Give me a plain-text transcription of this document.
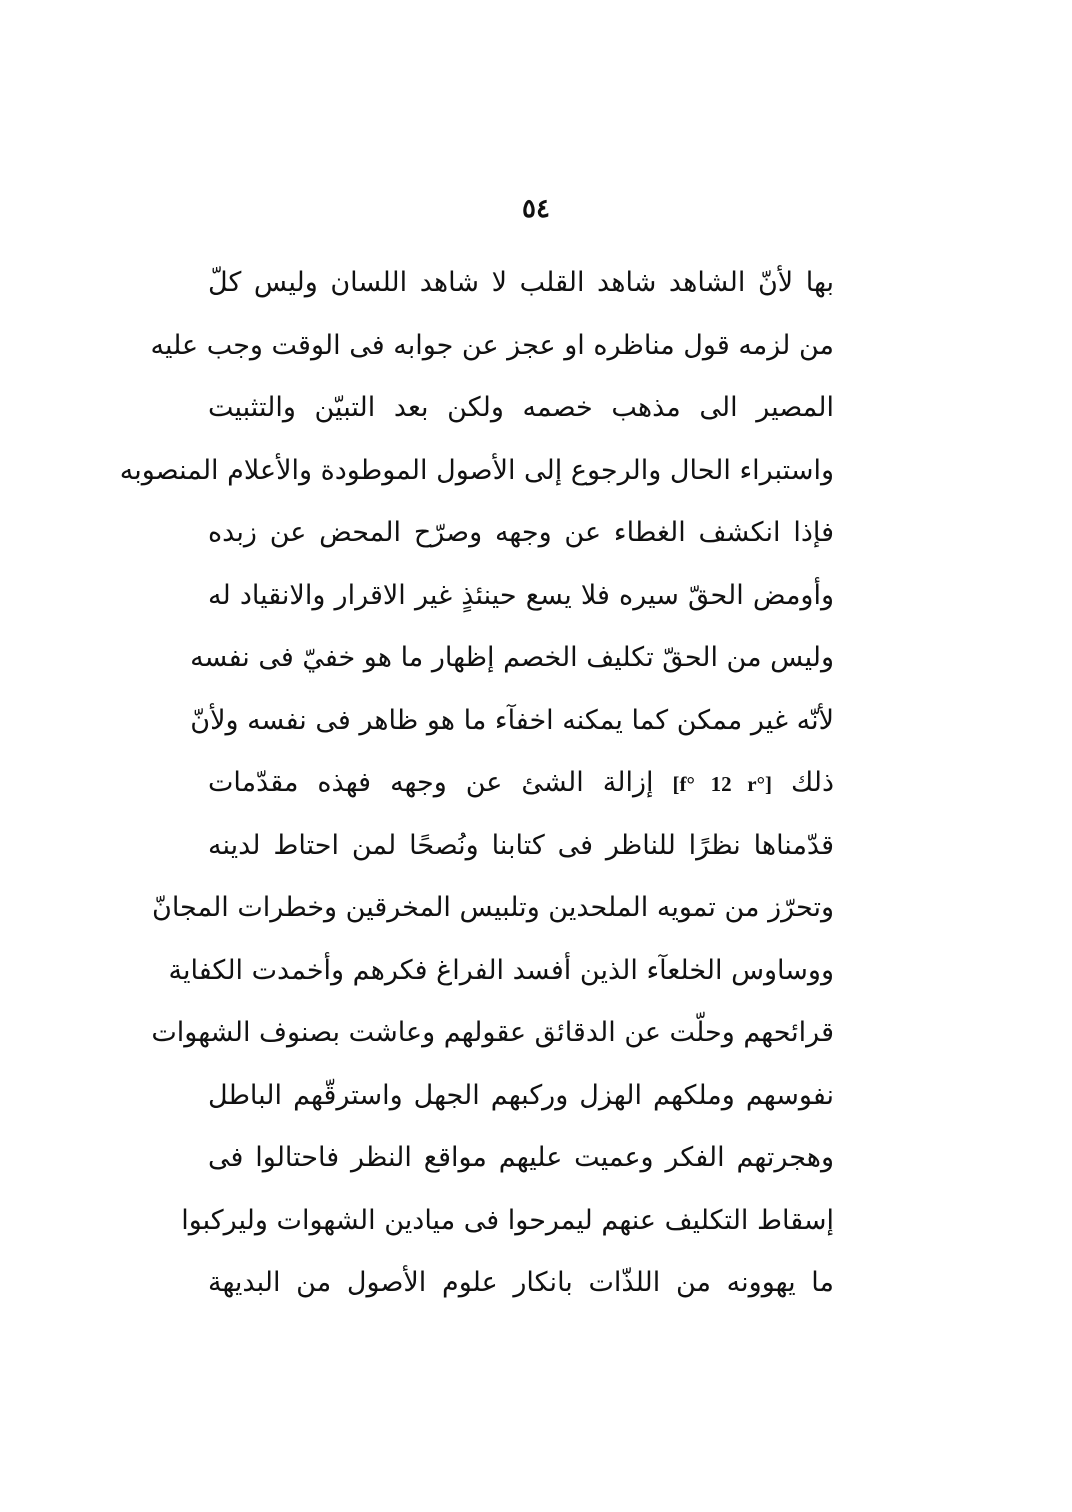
٥٤
بها لأنّ الشاهد شاهد القلب لا شاهد اللسان وليس كلّ
من لزمه قول مناظره او عجز عن جوابه فى الوقت وجب عليه
المصير الى مذهب خصمه ولكن بعد التبيّن والتثبيت
واستبراء الحال والرجوع إلى الأصول الموطودة والأعلام المنصوبه
فإذا انكشف الغطاء عن وجهه وصرّح المحض عن زبده
وأومض الحقّ سيره فلا يسع حينئذٍ غير الاقرار والانقياد له
وليس من الحقّ تكليف الخصم إظهار ما هو خفيّ فى نفسه
لأنّه غير ممكن كما يمكنه اخفآء ما هو ظاهر فى نفسه ولأنّ
ذلك [f° 12 r°] إزالة الشئ عن وجهه فهذه مقدّمات
قدّمناها نظرًا للناظر فى كتابنا ونُصحًا لمن احتاط لدينه
وتحرّز من تمويه الملحدين وتلبيس المخرقين وخطرات المجانّ
ووساوس الخلعآء الذين أفسد الفراغ فكرهم وأخمدت الكفاية
قرائحهم وحلّت عن الدقائق عقولهم وعاشت بصنوف الشهوات
نفوسهم وملكهم الهزل وركبهم الجهل واسترقّهم الباطل
وهجرتهم الفكر وعميت عليهم مواقع النظر فاحتالوا فى
إسقاط التكليف عنهم ليمرحوا فى ميادين الشهوات وليركبوا
ما يهوونه من اللذّات بانكار علوم الأصول من البديهة
